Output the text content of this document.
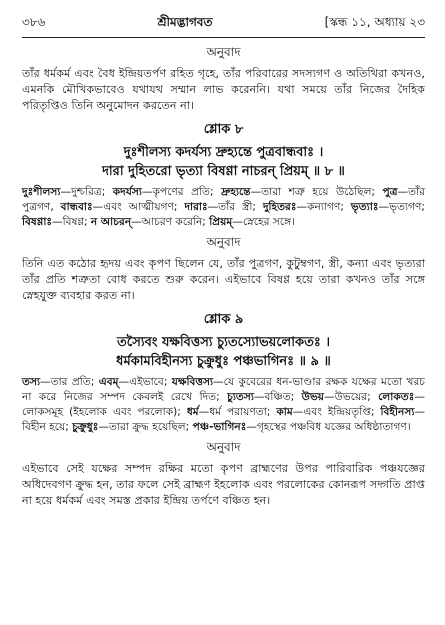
৩৮৬	শ্রীমদ্ভাগবত	[স্কন্ধ ১১, অধ্যায় ২৩
অনুবাদ

তাঁর ধর্মকর্ম এবং বৈধ ইন্দ্রিয়তর্পণ রহিত গৃহে, তাঁর পরিবারের সদস্যগণ ও অতিথিরা কখনও, এমনকি মৌখিকভাবেও যথাযথ সম্মান লাভ করেননি। যথা সময়ে তাঁর নিজের দৈহিক পরিতৃপ্তিও তিনি অনুমোদন করতেন না।

শ্লোক ৮
দুঃশীলস্য কদর্যস্য দ্রুহ্যন্তে পুত্রবান্ধবাঃ ।
দারা দুহিতরো ভৃত্যা বিষণ্ণা নাচরন্ প্রিয়ম্ ॥ ৮ ॥
দুঃশীলস্য—দুশ্চরিত্র; কদর্যস্য—কৃপণের প্রতি; দ্রুহ্যন্তে—তারা শত্রু হয়ে উঠেছিল; পুত্র—তাঁর পুত্রগণ, বান্ধবাঃ—এবং আত্মীয়গণ; দারাঃ—তাঁর স্ত্রী; দুহিতরঃ—কন্যাগণ; ভৃত্যাঃ—ভৃত্যগণ; বিষণ্ণাঃ—বিষণ্ণ; ন আচরন্—আচরণ করেনি; প্রিয়ম্—স্নেহের সঙ্গে।
অনুবাদ

তিনি এত কঠোর হৃদয় এবং কৃপণ ছিলেন যে, তাঁর পুত্রগণ, কুটুম্বগণ, স্ত্রী, কন্যা এবং ভৃত্যরা তাঁর প্রতি শত্রুতা বোধ করতে শুরু করেন। এইভাবে বিষণ্ণ হয়ে তারা কখনও তাঁর সঙ্গে স্নেহযুক্ত ব্যবহার করত না।

শ্লোক ৯
তস্যৈবং যক্ষবিত্তস্য চ্যুতস্যোভয়লোকতঃ ।
ধর্মকামবিহীনস্য চুক্রুধুঃ পঞ্চভাগিনঃ ॥ ৯ ॥
তস্য—তার প্রতি; এবম্—এইভাবে; যক্ষবিত্তস্য—যে কুবেরের ধন-ভাণ্ডার রক্ষক যক্ষের মতো খরচ না করে নিজের সম্পদ কেবলই রেখে দিত; চ্যুতস্য—বঞ্চিত; উভয়—উভয়ের; লোকতঃ—লোকসমূহ (ইহলোক এবং পরলোক); ধর্ম—ধর্ম পরায়ণতা; কাম—এবং ইন্দ্রিয়তৃপ্তি; বিহীনস্য—বিহীন হয়ে; চুক্রুধুঃ—তারা ক্রুদ্ধ হয়েছিল; পঞ্চ-ভাগিনঃ—গৃহস্থের পঞ্চবিধ যজ্ঞের অধিষ্ঠাতাগণ।
অনুবাদ

এইভাবে সেই যক্ষের সম্পদ রক্ষির মতো কৃপণ ব্রাহ্মণের উপর পারিবারিক পঞ্চযজ্ঞের অধিদেবগণ ক্রুদ্ধ হন, তার ফলে সেই ব্রাহ্মণ ইহলোক এবং পরলোকের কোনরূপ সদ্গতি প্রাপ্ত না হয়ে ধর্মকর্ম এবং সমস্ত প্রকার ইন্দ্রিয় তর্পণে বঞ্চিত হন।
